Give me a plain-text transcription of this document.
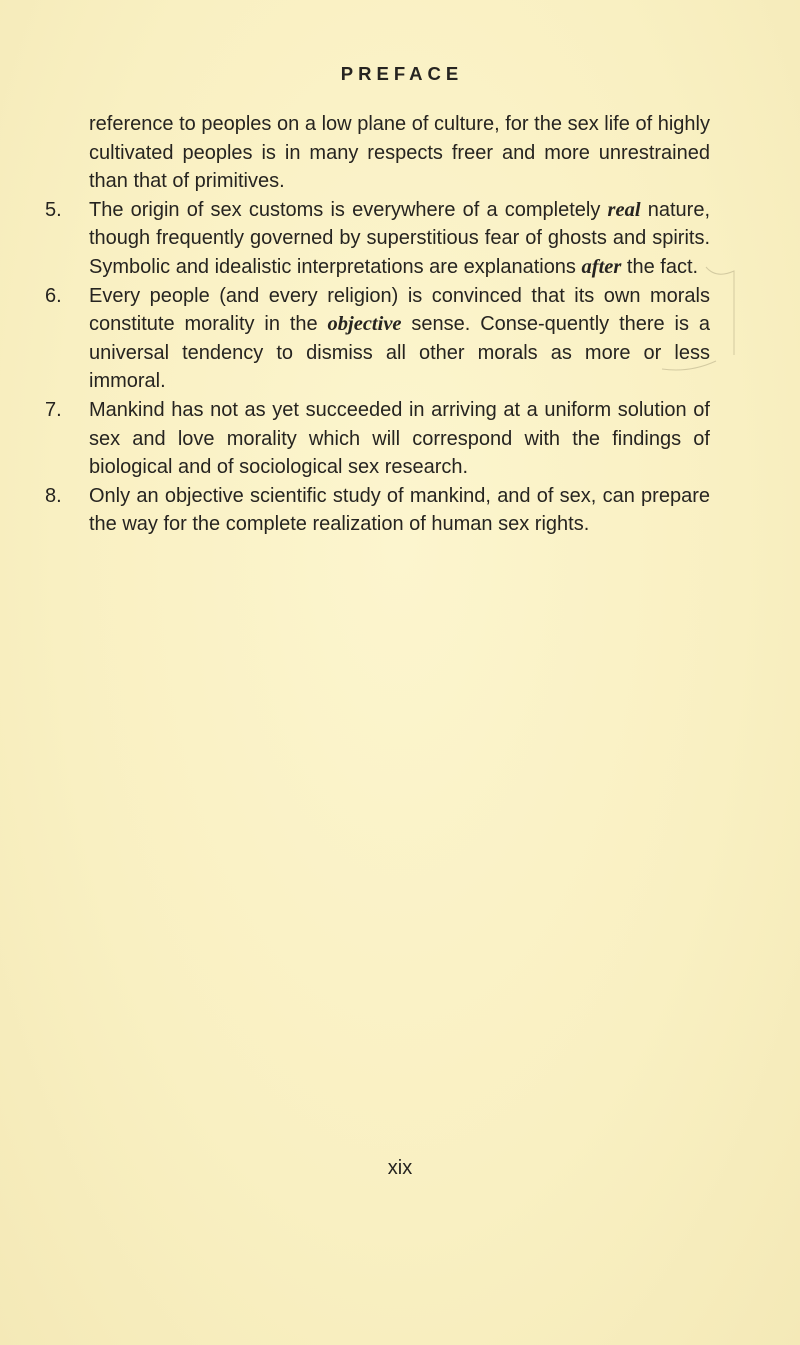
PREFACE

reference to peoples on a low plane of culture, for the sex life of highly cultivated peoples is in many respects freer and more unrestrained than that of primitives.

5. The origin of sex customs is everywhere of a completely real nature, though frequently governed by superstitious fear of ghosts and spirits. Symbolic and idealistic interpretations are explanations after the fact.

6. Every people (and every religion) is convinced that its own morals constitute morality in the objective sense. Conse-quently there is a universal tendency to dismiss all other morals as more or less immoral.

7. Mankind has not as yet succeeded in arriving at a uniform solution of sex and love morality which will correspond with the findings of biological and of sociological sex research.

8. Only an objective scientific study of mankind, and of sex, can prepare the way for the complete realization of human sex rights.

xix
